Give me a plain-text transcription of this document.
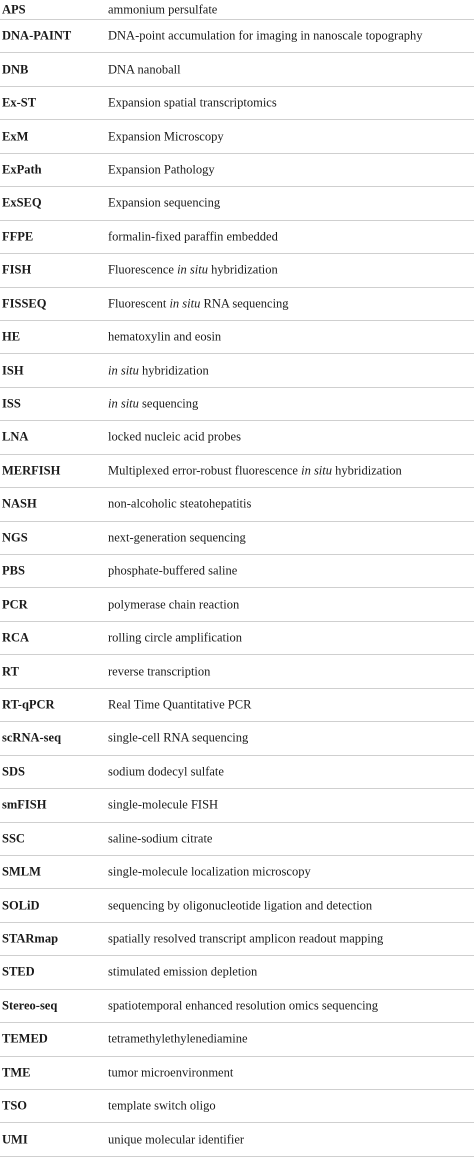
APS	ammonium persulfate
DNA-PAINT	DNA-point accumulation for imaging in nanoscale topography
DNB	DNA nanoball
Ex-ST	Expansion spatial transcriptomics
ExM	Expansion Microscopy
ExPath	Expansion Pathology
ExSEQ	Expansion sequencing
FFPE	formalin-fixed paraffin embedded
FISH	Fluorescence in situ hybridization
FISSEQ	Fluorescent in situ RNA sequencing
HE	hematoxylin and eosin
ISH	in situ hybridization
ISS	in situ sequencing
LNA	locked nucleic acid probes
MERFISH	Multiplexed error-robust fluorescence in situ hybridization
NASH	non-alcoholic steatohepatitis
NGS	next-generation sequencing
PBS	phosphate-buffered saline
PCR	polymerase chain reaction
RCA	rolling circle amplification
RT	reverse transcription
RT-qPCR	Real Time Quantitative PCR
scRNA-seq	single-cell RNA sequencing
SDS	sodium dodecyl sulfate
smFISH	single-molecule FISH
SSC	saline-sodium citrate
SMLM	single-molecule localization microscopy
SOLiD	sequencing by oligonucleotide ligation and detection
STARmap	spatially resolved transcript amplicon readout mapping
STED	stimulated emission depletion
Stereo-seq	spatiotemporal enhanced resolution omics sequencing
TEMED	tetramethylethylenediamine
TME	tumor microenvironment
TSO	template switch oligo
UMI	unique molecular identifier
